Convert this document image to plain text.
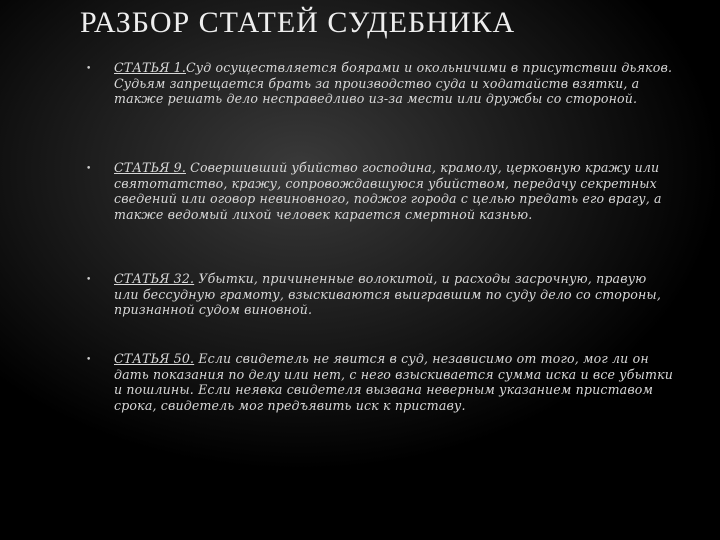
РАЗБОР СТАТЕЙ СУДЕБНИКА
• СТАТЬЯ 1.Суд осуществляется боярами и окольничими в присутствии дьяков. Судьям запрещается брать за производство суда и ходатайств взятки, а также решать дело несправедливо из-за мести или дружбы со стороной.
• СТАТЬЯ 9. Совершивший убийство господина, крамолу, церковную кражу или святотатство, кражу, сопровождавшуюся убийством, передачу секретных сведений или оговор невиновного, поджог города с целью предать его врагу, а также ведомый лихой человек карается смертной казнью.
• СТАТЬЯ 32. Убытки, причиненные волокитой, и расходы засрочную, правую или бессудную грамоту, взыскиваются выигравшим по суду дело со стороны, признанной судом виновной.
• СТАТЬЯ 50. Если свидетель не явится в суд, независимо от того, мог ли он дать показания по делу или нет, с него взыскивается сумма иска и все убытки и пошлины. Если неявка свидетеля вызвана неверным указанием приставом срока, свидетель мог предъявить иск к приставу.
